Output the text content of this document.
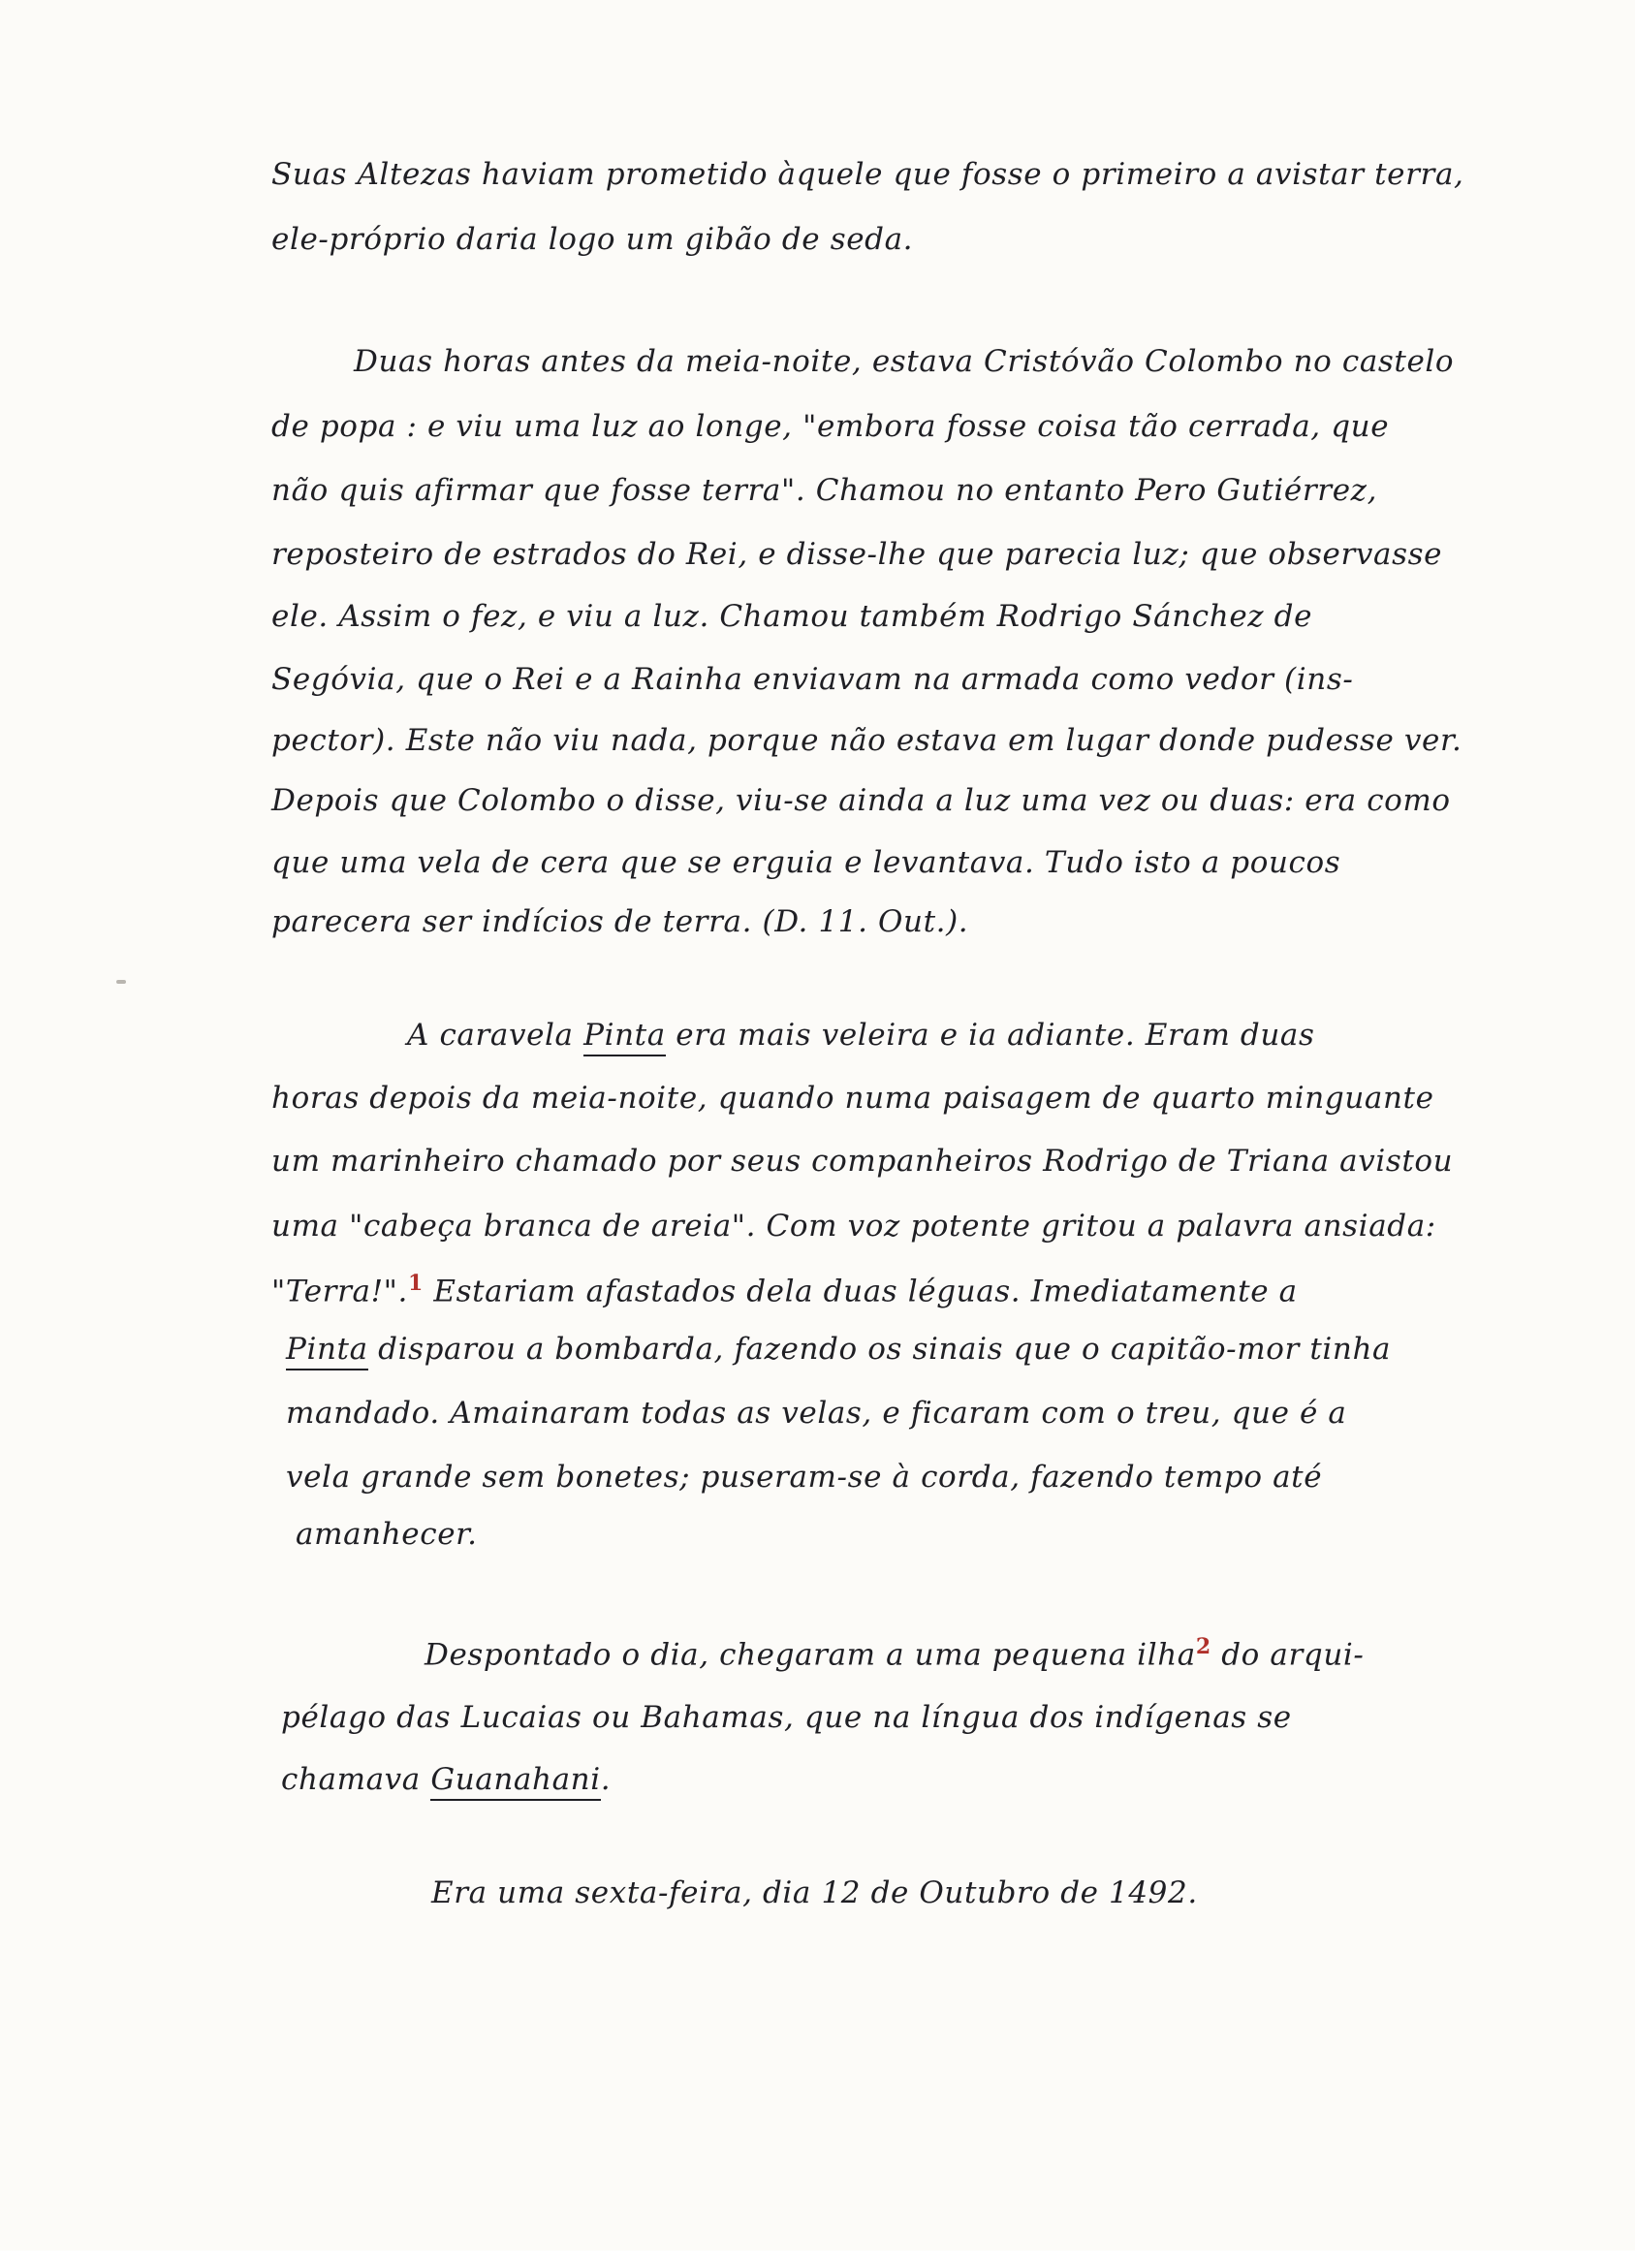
Suas Altezas haviam prometido àquele que fosse o primeiro a avistar terra,
ele-próprio daria logo um gibão de seda.
Duas horas antes da meia-noite, estava Cristóvão Colombo no castelo
de popa : e viu uma luz ao longe, "embora fosse coisa tão cerrada, que
não quis afirmar que fosse terra". Chamou no entanto Pero Gutiérrez,
reposteiro de estrados do Rei, e disse-lhe que parecia luz; que observasse
ele. Assim o fez, e viu a luz. Chamou também Rodrigo Sánchez de
Segóvia, que o Rei e a Rainha enviavam na armada como vedor (ins-
pector). Este não viu nada, porque não estava em lugar donde pudesse ver.
Depois que Colombo o disse, viu-se ainda a luz uma vez ou duas: era como
que uma vela de cera que se erguia e levantava. Tudo isto a poucos
parecera ser indícios de terra. (D. 11. Out.).
A caravela Pinta era mais veleira e ia adiante. Eram duas
horas depois da meia-noite, quando numa paisagem de quarto minguante
um marinheiro chamado por seus companheiros Rodrigo de Triana avistou
uma "cabeça branca de areia". Com voz potente gritou a palavra ansiada:
"Terra!".$^1$ Estariam afastados dela duas léguas. Imediatamente a
Pinta disparou a bombarda, fazendo os sinais que o capitão-mor tinha
mandado. Amainaram todas as velas, e ficaram com o treu, que é a
vela grande sem bonetes; puseram-se à corda, fazendo tempo até
amanhecer.
Despontado o dia, chegaram a uma pequena ilha$^2$ do arqui-
pélago das Lucaias ou Bahamas, que na língua dos indígenas se
chamava Guanahani.
Era uma sexta-feira, dia 12 de Outubro de 1492.
